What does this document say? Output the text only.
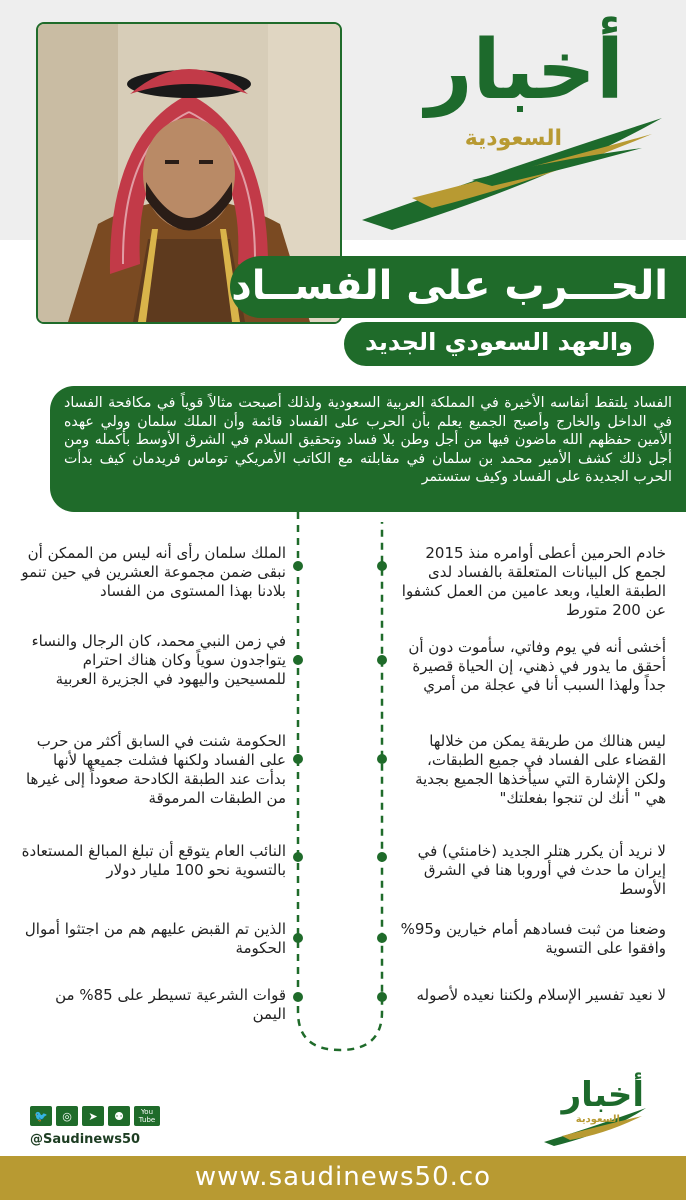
أخبار
السعودية
الحـــرب على الفســاد
والعهد السعودي الجديد
الفساد يلتقط أنفاسه الأخيرة في المملكة العربية السعودية ولذلك أصبحت مثالاً قوياً في مكافحة الفساد في الداخل والخارج وأصبح الجميع يعلم بأن الحرب على الفساد قائمة وأن الملك سلمان وولي عهده الأمين حفظهم الله ماضون فيها من أجل وطن بلا فساد وتحقيق السلام في الشرق الأوسط بأكمله ومن أجل ذلك كشف الأمير محمد بن سلمان في مقابلته مع الكاتب الأمريكي توماس فريدمان كيف بدأت الحرب الجديدة على الفساد وكيف ستستمر
خادم الحرمين أعطى أوامره منذ 2015 لجمع كل البيانات المتعلقة بالفساد لدى الطبقة العليا، وبعد عامين من العمل كشفوا عن 200 متورط
أخشى أنه في يوم وفاتي، سأموت دون أن أحقق ما يدور في ذهني، إن الحياة قصيرة جداً ولهذا السبب أنا في عجلة من أمري
ليس هنالك من طريقة يمكن من خلالها القضاء على الفساد في جميع الطبقات، ولكن الإشارة التي سيأخذها الجميع بجدية هي " أنك لن تنجوا بفعلتك"
لا نريد أن يكرر هتلر الجديد (خامنئي) في إيران ما حدث في أوروبا هنا في الشرق الأوسط
وضعنا من ثبت فسادهم أمام خيارين و95% وافقوا على التسوية
لا نعيد تفسير الإسلام ولكننا نعيده لأصوله
الملك سلمان رأى أنه ليس من الممكن أن نبقى ضمن مجموعة العشرين في حين تنمو بلادنا بهذا المستوى من الفساد
في زمن النبي محمد، كان الرجال والنساء يتواجدون سوياً وكان هناك احترام للمسيحين واليهود في الجزيرة العربية
الحكومة شنت في السابق أكثر من حرب على الفساد ولكنها فشلت جميعها لأنها بدأت عند الطبقة الكادحة صعوداً إلى غيرها من الطبقات المرموقة
النائب العام يتوقع أن تبلغ المبالغ المستعادة بالتسوية نحو 100 مليار دولار
الذين تم القبض عليهم هم من اجتثوا أموال الحكومة
قوات الشرعية تسيطر على 85% من اليمن
أخبار
السعودية
🐦	◎	➤	⚉	You Tube
@Saudinews50
www.saudinews50.co
